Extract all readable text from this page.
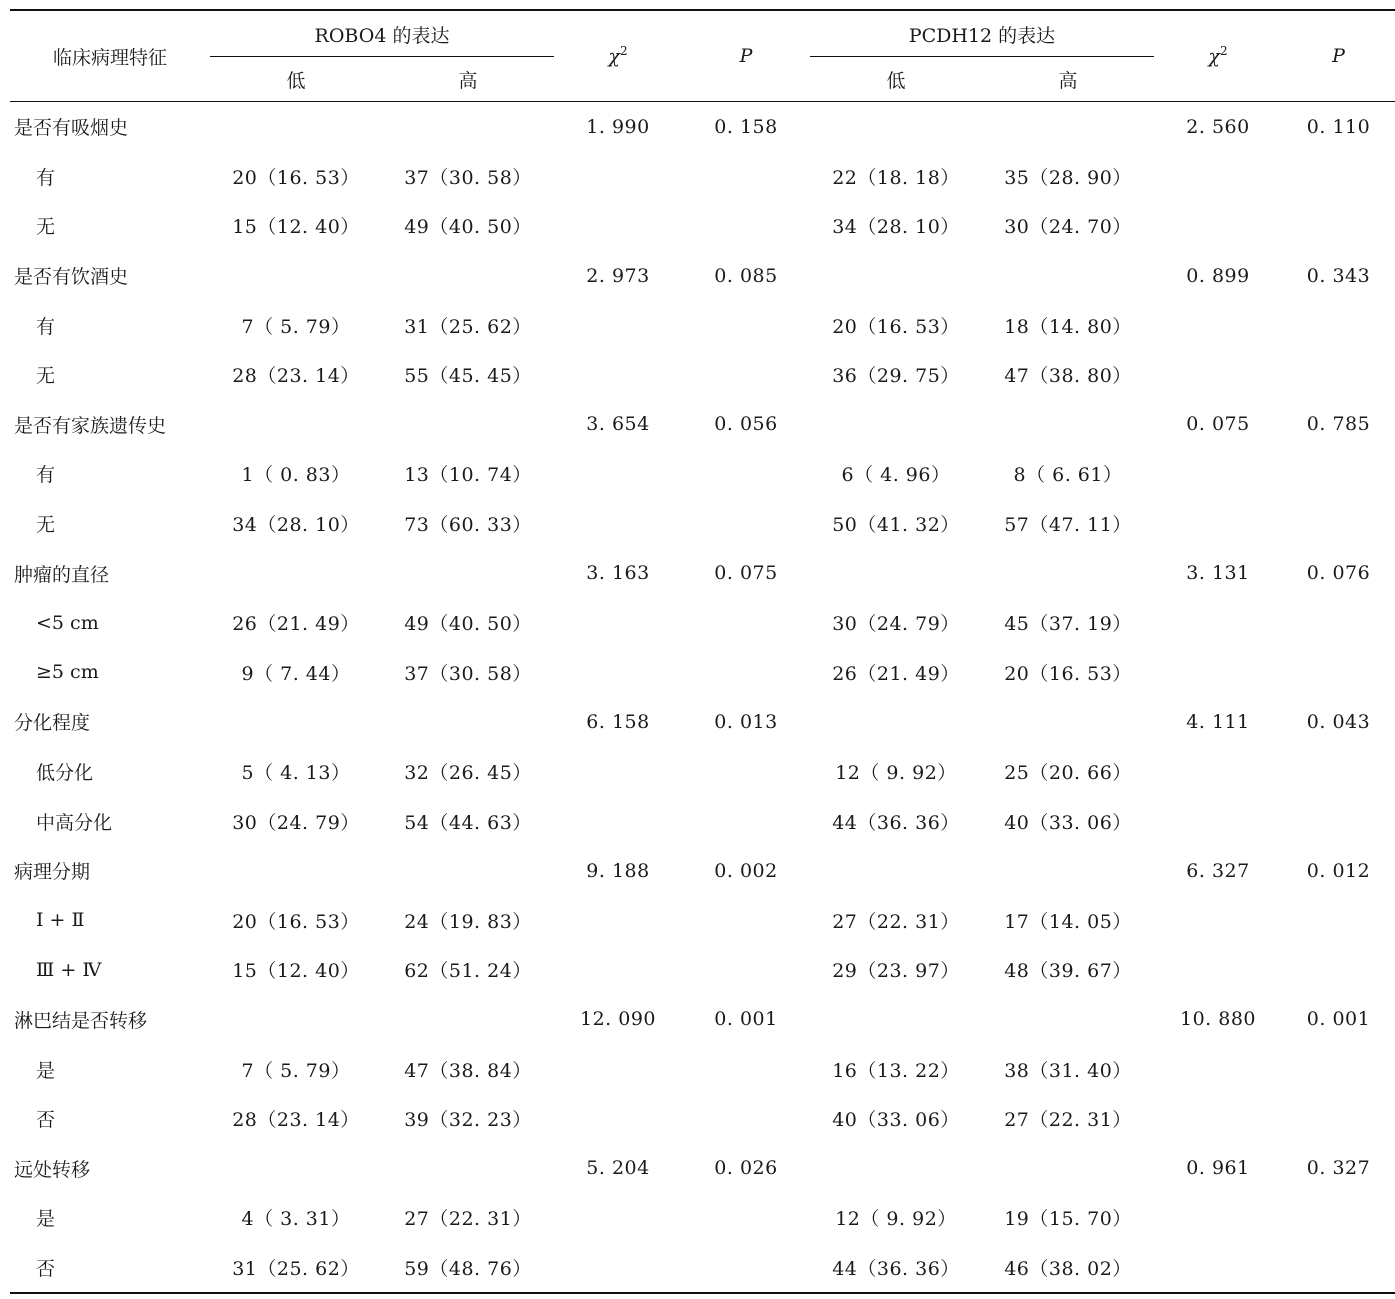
临床病理特征	ROBO4 的表达		$\chi^2$	P	PCDH12 的表达		$\chi^2$	P
	低	高			低	高		
是否有吸烟史			1. 990	0. 158			2. 560	0. 110
有	20（16. 53）	37（30. 58）			22（18. 18）	35（28. 90）		
无	15（12. 40）	49（40. 50）			34（28. 10）	30（24. 70）		
是否有饮酒史			2. 973	0. 085			0. 899	0. 343
有	7（ 5. 79）	31（25. 62）			20（16. 53）	18（14. 80）		
无	28（23. 14）	55（45. 45）			36（29. 75）	47（38. 80）		
是否有家族遗传史			3. 654	0. 056			0. 075	0. 785
有	1（ 0. 83）	13（10. 74）			6（ 4. 96）	8（ 6. 61）		
无	34（28. 10）	73（60. 33）			50（41. 32）	57（47. 11）		
肿瘤的直径			3. 163	0. 075			3. 131	0. 076
<5 cm	26（21. 49）	49（40. 50）			30（24. 79）	45（37. 19）		
≥5 cm	9（ 7. 44）	37（30. 58）			26（21. 49）	20（16. 53）		
分化程度			6. 158	0. 013			4. 111	0. 043
低分化	5（ 4. 13）	32（26. 45）			12（ 9. 92）	25（20. 66）		
中高分化	30（24. 79）	54（44. 63）			44（36. 36）	40（33. 06）		
病理分期			9. 188	0. 002			6. 327	0. 012
Ⅰ + Ⅱ	20（16. 53）	24（19. 83）			27（22. 31）	17（14. 05）		
Ⅲ + Ⅳ	15（12. 40）	62（51. 24）			29（23. 97）	48（39. 67）		
淋巴结是否转移			12. 090	0. 001			10. 880	0. 001
是	7（ 5. 79）	47（38. 84）			16（13. 22）	38（31. 40）		
否	28（23. 14）	39（32. 23）			40（33. 06）	27（22. 31）		
远处转移			5. 204	0. 026			0. 961	0. 327
是	4（ 3. 31）	27（22. 31）			12（ 9. 92）	19（15. 70）		
否	31（25. 62）	59（48. 76）			44（36. 36）	46（38. 02）		
